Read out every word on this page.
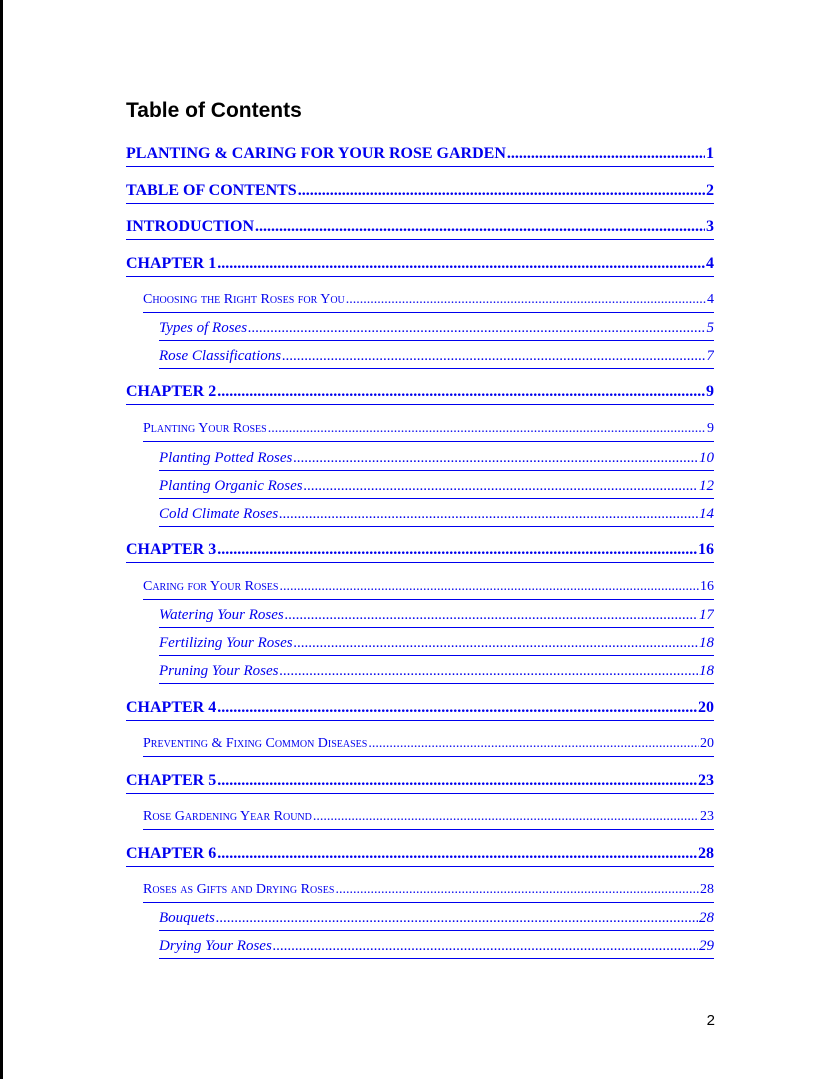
Table of Contents
PLANTING & CARING FOR YOUR ROSE GARDEN .....	1
TABLE OF CONTENTS .....	2
INTRODUCTION .....	3
CHAPTER 1 .....	4
Choosing the Right Roses for You .....	4
Types of Roses .....	5
Rose Classifications .....	7
CHAPTER 2 .....	9
Planting Your Roses .....	9
Planting Potted Roses .....	10
Planting Organic Roses .....	12
Cold Climate Roses .....	14
CHAPTER 3 .....	16
Caring for Your Roses .....	16
Watering Your Roses .....	17
Fertilizing Your Roses .....	18
Pruning Your Roses .....	18
CHAPTER 4 .....	20
Preventing & Fixing Common Diseases .....	20
CHAPTER 5 .....	23
Rose Gardening Year Round .....	23
CHAPTER 6 .....	28
Roses as Gifts and Drying Roses .....	28
Bouquets .....	28
Drying Your Roses .....	29
2
